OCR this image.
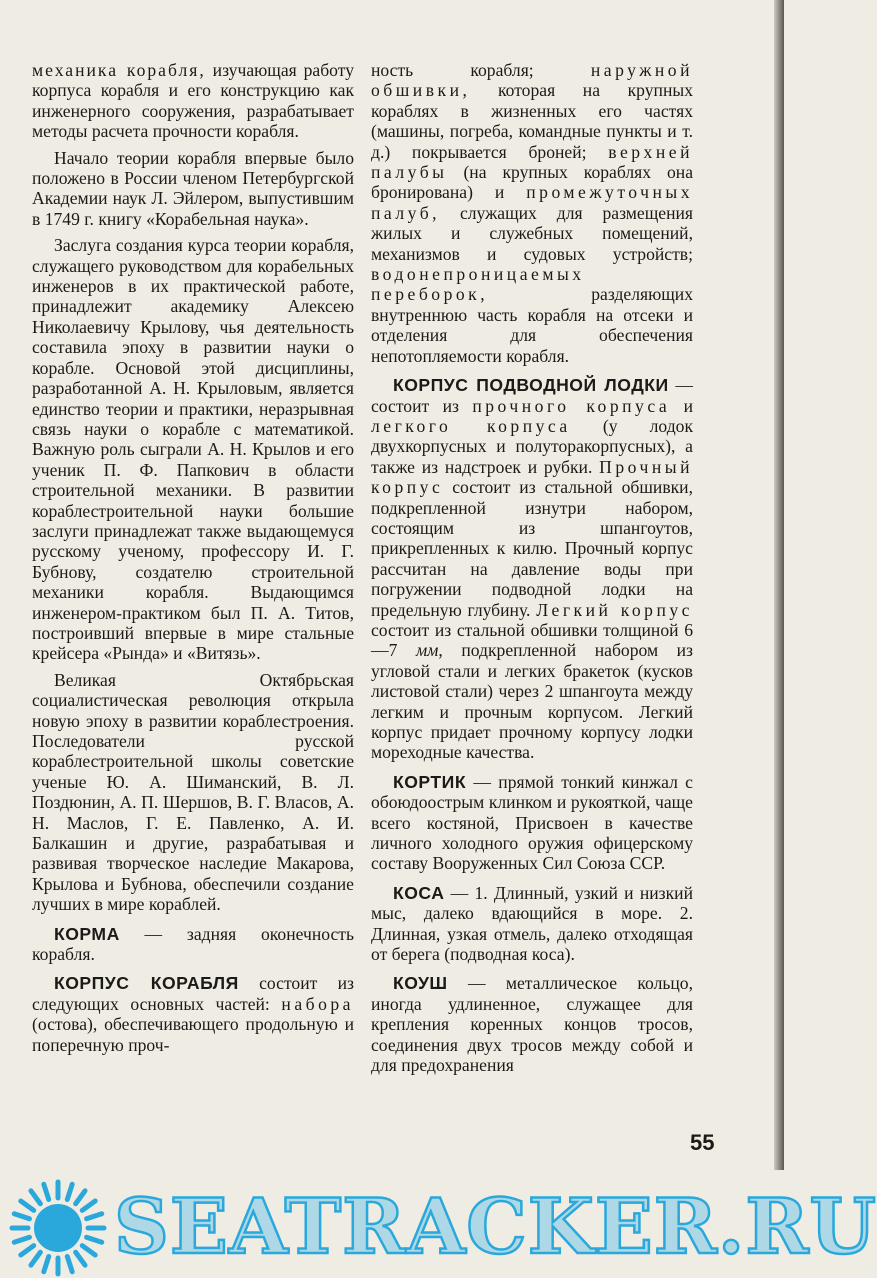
механика корабля, изучающая работу корпуса корабля и его конструкцию как инженерного сооружения, разрабатывает методы расчета прочности корабля.

Начало теории корабля впервые было положено в России членом Петербургской Академии наук Л. Эйлером, выпустившим в 1749 г. книгу «Корабельная наука».

Заслуга создания курса теории корабля, служащего руководством для корабельных инженеров в их практической работе, принадлежит академику Алексею Николаевичу Крылову, чья деятельность составила эпоху в развитии науки о корабле. Основой этой дисциплины, разработанной А. Н. Крыловым, является единство теории и практики, неразрывная связь науки о корабле с математикой. Важную роль сыграли А. Н. Крылов и его ученик П. Ф. Папкович в области строительной механики. В развитии кораблестроительной науки большие заслуги принадлежат также выдающемуся русскому ученому, профессору И. Г. Бубнову, создателю строительной механики корабля. Выдающимся инженером-практиком был П. А. Титов, построивший впервые в мире стальные крейсера «Рында» и «Витязь».

Великая Октябрьская социалистическая революция открыла новую эпоху в развитии кораблестроения. Последователи русской кораблестроительной школы советские ученые Ю. А. Шиманский, В. Л. Поздюнин, А. П. Шершов, В. Г. Власов, А. Н. Маслов, Г. Е. Павленко, А. И. Балкашин и другие, разрабатывая и развивая творческое наследие Макарова, Крылова и Бубнова, обеспечили создание лучших в мире кораблей.

КОРМА — задняя оконечность корабля.

КОРПУС КОРАБЛЯ состоит из следующих основных частей: набора (остова), обеспечивающего продольную и поперечную проч-

ность корабля; наружной обшивки, которая на крупных кораблях в жизненных его частях (машины, погреба, командные пункты и т. д.) покрывается броней; верхней палубы (на крупных кораблях она бронирована) и промежуточных палуб, служащих для размещения жилых и служебных помещений, механизмов и судовых устройств; водонепроницаемых переборок, разделяющих внутреннюю часть корабля на отсеки и отделения для обеспечения непотопляемости корабля.

КОРПУС ПОДВОДНОЙ ЛОДКИ — состоит из прочного корпуса и легкого корпуса (у лодок двухкорпусных и полуторакорпусных), а также из надстроек и рубки. Прочный корпус состоит из стальной обшивки, подкрепленной изнутри набором, состоящим из шпангоутов, прикрепленных к килю. Прочный корпус рассчитан на давление воды при погружении подводной лодки на предельную глубину. Легкий корпус состоит из стальной обшивки толщиной 6—7 мм, подкрепленной набором из угловой стали и легких бракеток (кусков листовой стали) через 2 шпангоута между легким и прочным корпусом. Легкий корпус придает прочному корпусу лодки мореходные качества.

КОРТИК — прямой тонкий кинжал с обоюдоострым клинком и рукояткой, чаще всего костяной, Присвоен в качестве личного холодного оружия офицерскому составу Вооруженных Сил Союза ССР.

КОСА — 1. Длинный, узкий и низкий мыс, далеко вдающийся в море. 2. Длинная, узкая отмель, далеко отходящая от берега (подводная коса).

КОУШ — металлическое кольцо, иногда удлиненное, служащее для крепления коренных концов тросов, соединения двух тросов между собой и для предохранения

55
SEATRACKER.RU
